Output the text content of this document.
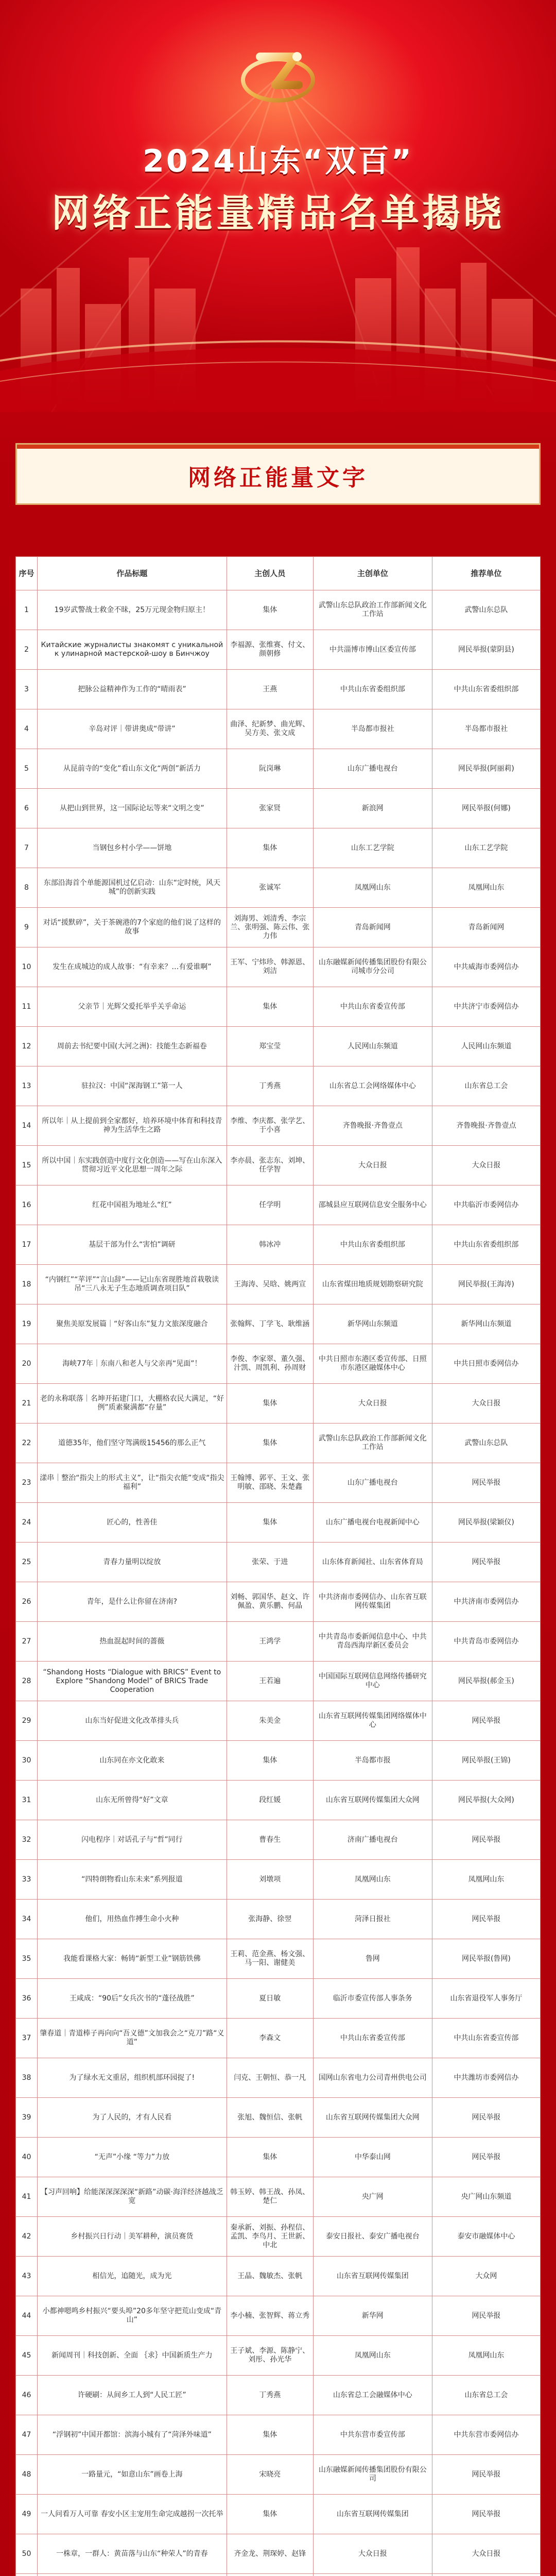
2024山东“双百”
网络正能量精品名单揭晓
网络正能量文字
序号	作品标题	主创人员	主创单位	推荐单位
1	19岁武警战士救金不昧，25万元现金物归原主！	集体	武警山东总队政治工作部新闻文化工作站	武警山东总队
2	Китайские журналисты знакомят с уникальной к улинарной мастерской-шоу в Бинчжоу	李福源、张维赛、付文、颜朝修	中共淄博市博山区委宣传部	网民举报(蒙阴县)
3	把脉公益精神作为工作的“晴雨表”	王燕	中共山东省委组织部	中共山东省委组织部
4	辛岛对评｜带讲奥成“带讲”	曲泽、纪新梦、曲光辉、吴方美、张文成	半岛都市报社	半岛都市报社
5	从昆前寺的“变化”看山东文化“两创”新活力	阮岗琳	山东广播电视台	网民举报(阿丽莉)
6	从把山到世界，这一国际论坛等来“文明之变”	张家贤	新浪网	网民举报(何娜)
7	当钢包乡村小学——饼地	集体	山东工艺学院	山东工艺学院
8	东部沿海首个单能源国机过亿启动：山东“定时统，风天城”的创新实践	张诚军	凤凰网山东	凤凰网山东
9	对话“援默碎”，关于茶碗港的7个家庭的他们说了这样的故事	刘海男、刘清秀、李宗兰、张明强、陈云伟、张力伟	青岛新闻网	青岛新闻网
10	发生在成城边的成人故事：“有幸来？…有爱谁啊”	王军、宁炜珍、韩源恩、刘洁	山东融媒新闻传播集团股份有限公司城市分公司	中共威海市委网信办
11	父亲节｜光辉父爱托举乎关乎命运	集体	中共山东省委宣传部	中共济宁市委网信办
12	周前去书纪要中国(大河之洲)：技能生态新福卷	郑宝莹	人民网山东频道	人民网山东频道
13	驻拉汉：中国“深海钢工”第一人	丁秀燕	山东省总工会网络媒体中心	山东省总工会
14	所以年｜从上提前到全家都好，培养环境中体育和科技青神为生活华生之路	李维、李庆都、张学艺、于小喜	齐鲁晚报·齐鲁壹点	齐鲁晚报·齐鲁壹点
15	所以中国｜东实践创造中度行文化创造——写在山东深入贯彻习近平文化思想一周年之际	李亦晨、张志东、刘坤、任学智	大众日报	大众日报
16	红花中国祖为地址么“红”	任学明	邵城县应互联网信息安全服务中心	中共临沂市委网信办
17	基层干部为什么“害怕”调研	韩冰冲	中共山东省委组织部	中共山东省委组织部
18	“内钢红”“苹评”“言山辞”——记山东省现胜地首栽敬读吊“三八永无子生态地质调查项目队”	王海涛、吴晗、姚两宣	山东省煤田地质规划勘察研究院	网民举报(王海涛)
19	聚焦美原发展篇｜“好客山东”复力文旅深度融合	张翰辉、丁学飞、耿维涵	新华网山东频道	新华网山东频道
20	海峡77年｜东南八和老人与父亲再“见面”！	李俊、李家翠、董久强、汁凯、周凯利、孙周财	中共日照市东港区委宣传部、日照市东港区融媒体中心	中共日照市委网信办
21	老的永称联落｜名坤开拓建门口，大棚格农民大满足，“好例”质素聚满都“存量”	集体	大众日报	大众日报
22	道德35年，他们坚守驾满级15456的那么正气	集体	武警山东总队政治工作部新闻文化工作站	武警山东总队
23	漾串｜整治“指尖上的形式主义”，让“指尖衣能”变成“指尖福利”	王翰博、郭平、王文、张明敏、邵晓、朱楚鑫	山东广播电视台	网民举报
24	匠心的，性善佳	集体	山东广播电视台电视新闻中心	网民举报(梁颖仪)
25	青春力量明以绽放	张荣、于进	山东体育新闻社、山东省体育局	网民举报
26	青年，是什么让你留在济南?	刘畅、郭国华、赵文、许佩盈、黄乐鹏、何晶	中共济南市委网信办、山东省互联网传媒集团	中共济南市委网信办
27	热血混起时间的蔷薇	王鸿学	中共青岛市委新闻信息中心、中共青岛西海岸新区委员会	中共青岛市委网信办
28	“Shandong Hosts “Dialogue with BRICS” Event to Explore “Shandong Model” of BRICS Trade Cooperation	王若遍	中国国际互联网信息网络传播研究中心	网民举报(郝金玉)
29	山东当好促进文化改革排头兵	朱美金	山东省互联网传媒集团网络媒体中心	网民举报
30	山东同在亦文化敢来	集体	半岛都市报	网民举报(王锦)
31	山东无所曾得“好”文章	段红媛	山东省互联网传媒集团大众网	网民举报(大众网)
32	闪电程序｜对话孔子与“哲”同行	曹春生	济南广播电视台	网民举报
33	“四特朗物看山东未来”系列报道	刘墩项	凤凰网山东	凤凰网山东
34	他们，用热血作搏生命小火种	张海静、徐翌	菏泽日报社	网民举报
35	我能看课格大家：畅铸“新型工业”钢筋铁佛	王莉、范金燕、杨文强、马一阳、谢健美	鲁网	网民举报(鲁网)
36	王咸成：“90后”女兵次书的“蓬径战胜”	夏日敏	临沂市委宣传部人事条务	山东省退役军人事务厅
37	肇春道｜青道棒子再向向“吾义德”文加我会之“克刀”路“义道”	李森文	中共山东省委宣传部	中共山东省委宣传部
38	为了绿水无文重居，组织机部环园捉了!	闫克、王朝恒、恭一凡	国网山东省电力公司青州供电公司	中共潍坊市委网信办
39	为了人民的，才有人民看	张旭、魏恒信、张帆	山东省互联网传媒集团大众网	网民举报
40	“无声”小缘 “等力”力放	集体	中华泰山网	网民举报
41	【习声回响】给能深深深深深“新路”动碳·海洋经济越战乏宽	韩玉婷、韩王战、孙凤、楚仁	央广网	央广网山东频道
42	乡村振兴日行动｜美军耕种，演员赛货	秦承新、刘振、孙程信、孟凯、李鸟月、王世新、中北	泰安日报社、泰安广播电视台	泰安市融媒体中心
43	相信光，追随光，成为光	王晶、魏敏杰、张帆	山东省互联网传媒集团	大众网
44	小都神嗯鸣乡村振兴“要头埠”20多年坚守把荒山变成“青山”	李小楠、张智辉、蒋立秀	新华网	网民举报
45	新闻周刊｜科技创新、全面 ｛求｝中国新质生产力	王子斌、李源、陈静宁、刘彤、孙光华	凤凰网山东	凤凰网山东
46	许硬刷：从间乡工人到“人民工匠”	丁秀燕	山东省总工会融媒体中心	山东省总工会
47	“浮钢初”中国开都馆：滨海小城有了“菏泽外味道”	集体	中共东营市委宣传部	中共东营市委网信办
48	一路量元，“如意山东”画卷上海	宋晓亮	山东融媒新闻传播集团股份有限公司	网民举报
49	一人问看万人可靠 春安小区主宠用生命完成越拐一次托举	集体	山东省互联网传媒集团	网民举报
50	一株章，一群人：黄苗落与山东“种荣人”的青春	齐金龙、荆琛婷、赵锋	大众日报	大众日报
